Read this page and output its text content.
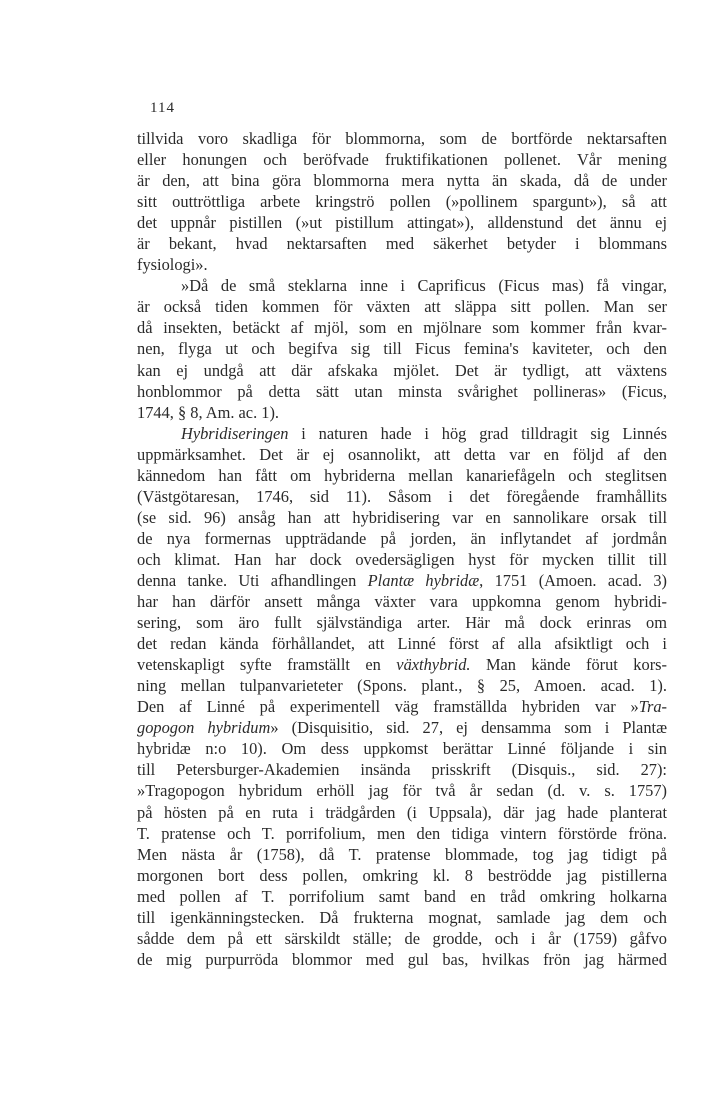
114
tillvida voro skadliga för blommorna, som de bortförde nektarsaften
eller honungen och beröfvade fruktifikationen pollenet. Vår mening
är den, att bina göra blommorna mera nytta än skada, då de under
sitt outtröttliga arbete kringströ pollen (»pollinem spargunt»), så att
det uppnår pistillen (»ut pistillum attingat»), alldenstund det ännu ej
är bekant, hvad nektarsaften med säkerhet betyder i blommans
fysiologi».
»Då de små steklarna inne i Caprificus (Ficus mas) få vingar,
är också tiden kommen för växten att släppa sitt pollen. Man ser
då insekten, betäckt af mjöl, som en mjölnare som kommer från kvar-
nen, flyga ut och begifva sig till Ficus femina's kaviteter, och den
kan ej undgå att där afskaka mjölet. Det är tydligt, att växtens
honblommor på detta sätt utan minsta svårighet pollineras» (Ficus,
1744, § 8, Am. ac. 1).
Hybridiseringen i naturen hade i hög grad tilldragit sig Linnés
uppmärksamhet. Det är ej osannolikt, att detta var en följd af den
kännedom han fått om hybriderna mellan kanariefågeln och steglitsen
(Västgötaresan, 1746, sid 11). Såsom i det föregående framhållits
(se sid. 96) ansåg han att hybridisering var en sannolikare orsak till
de nya formernas uppträdande på jorden, än inflytandet af jordmån
och klimat. Han har dock ovedersägligen hyst för mycken tillit till
denna tanke. Uti afhandlingen Plantæ hybridæ, 1751 (Amoen. acad. 3)
har han därför ansett många växter vara uppkomna genom hybridi-
sering, som äro fullt självständiga arter. Här må dock erinras om
det redan kända förhållandet, att Linné först af alla afsiktligt och i
vetenskapligt syfte framställt en växthybrid. Man kände förut kors-
ning mellan tulpanvarieteter (Spons. plant., § 25, Amoen. acad. 1).
Den af Linné på experimentell väg framställda hybriden var »Tra-
gopogon hybridum» (Disquisitio, sid. 27, ej densamma som i Plantæ
hybridæ n:o 10). Om dess uppkomst berättar Linné följande i sin
till Petersburger-Akademien insända prisskrift (Disquis., sid. 27):
»Tragopogon hybridum erhöll jag för två år sedan (d. v. s. 1757)
på hösten på en ruta i trädgården (i Uppsala), där jag hade planterat
T. pratense och T. porrifolium, men den tidiga vintern förstörde fröna.
Men nästa år (1758), då T. pratense blommade, tog jag tidigt på
morgonen bort dess pollen, omkring kl. 8 beströdde jag pistillerna
med pollen af T. porrifolium samt band en tråd omkring holkarna
till igenkänningstecken. Då frukterna mognat, samlade jag dem och
sådde dem på ett särskildt ställe; de grodde, och i år (1759) gåfvo
de mig purpurröda blommor med gul bas, hvilkas frön jag härmed
